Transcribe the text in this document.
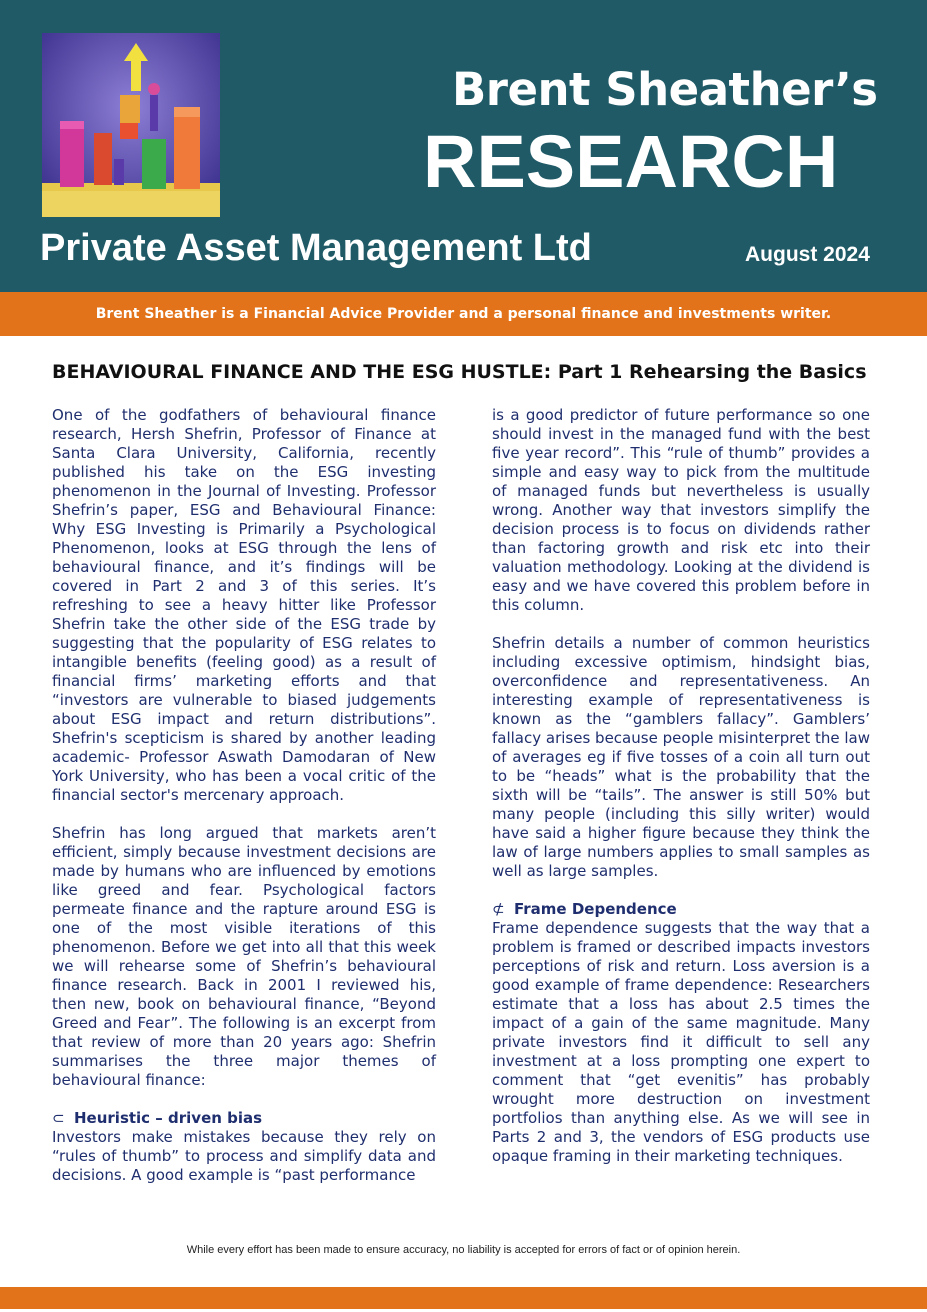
Brent Sheather’s
RESEARCH
Private Asset Management Ltd	August 2024
Brent Sheather is a Financial Advice Provider and a personal finance and investments writer.
BEHAVIOURAL FINANCE AND THE ESG HUSTLE: Part 1 Rehearsing the Basics

One of the godfathers of behavioural finance research, Hersh Shefrin, Professor of Finance at Santa Clara University, California, recently published his take on the ESG investing phenomenon in the Journal of Investing. Professor Shefrin’s paper, ESG and Behavioural Finance: Why ESG Investing is Primarily a Psychological Phenomenon, looks at ESG through the lens of behavioural finance, and it’s findings will be covered in Part 2 and 3 of this series. It’s refreshing to see a heavy hitter like Professor Shefrin take the other side of the ESG trade by suggesting that the popularity of ESG relates to intangible benefits (feeling good) as a result of financial firms’ marketing efforts and that “investors are vulnerable to biased judgements about ESG impact and return distributions”. Shefrin's scepticism is shared by another leading academic- Professor Aswath Damodaran of New York University, who has been a vocal critic of the financial sector's mercenary approach.

Shefrin has long argued that markets aren’t efficient, simply because investment decisions are made by humans who are influenced by emotions like greed and fear. Psychological factors permeate finance and the rapture around ESG is one of the most visible iterations of this phenomenon. Before we get into all that this week we will rehearse some of Shefrin’s behavioural finance research. Back in 2001 I reviewed his, then new, book on behavioural finance, “Beyond Greed and Fear”. The following is an excerpt from that review of more than 20 years ago: Shefrin summarises the three major themes of behavioural finance:

⊂ Heuristic – driven bias

Investors make mistakes because they rely on “rules of thumb” to process and simplify data and decisions. A good example is “past performance

is a good predictor of future performance so one should invest in the managed fund with the best five year record”. This “rule of thumb” provides a simple and easy way to pick from the multitude of managed funds but nevertheless is usually wrong. Another way that investors simplify the decision process is to focus on dividends rather than factoring growth and risk etc into their valuation methodology. Looking at the dividend is easy and we have covered this problem before in this column.

Shefrin details a number of common heuristics including excessive optimism, hindsight bias, overconfidence and representativeness. An interesting example of representativeness is known as the “gamblers fallacy”. Gamblers’ fallacy arises because people misinterpret the law of averages eg if five tosses of a coin all turn out to be “heads” what is the probability that the sixth will be “tails”. The answer is still 50% but many people (including this silly writer) would have said a higher figure because they think the law of large numbers applies to small samples as well as large samples.

⊄ Frame Dependence

Frame dependence suggests that the way that a problem is framed or described impacts investors perceptions of risk and return. Loss aversion is a good example of frame dependence: Researchers estimate that a loss has about 2.5 times the impact of a gain of the same magnitude. Many private investors find it difficult to sell any investment at a loss prompting one expert to comment that “get evenitis” has probably wrought more destruction on investment portfolios than anything else. As we will see in Parts 2 and 3, the vendors of ESG products use opaque framing in their marketing techniques.

While every effort has been made to ensure accuracy, no liability is accepted for errors of fact or of opinion herein.
